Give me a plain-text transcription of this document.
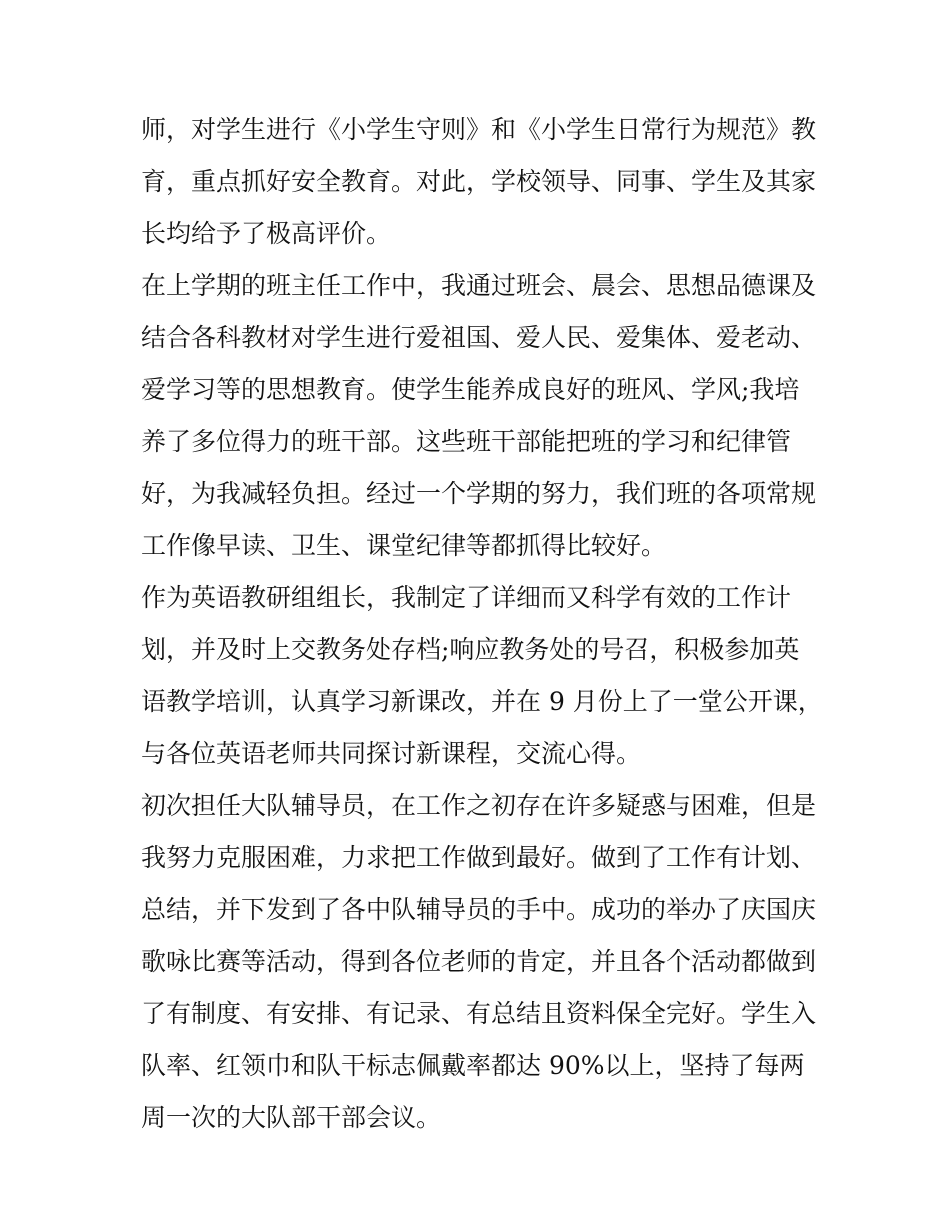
师，对学生进行《小学生守则》和《小学生日常行为规范》教
育，重点抓好安全教育。对此，学校领导、同事、学生及其家
长均给予了极高评价。
在上学期的班主任工作中，我通过班会、晨会、思想品德课及
结合各科教材对学生进行爱祖国、爱人民、爱集体、爱老动、
爱学习等的思想教育。使学生能养成良好的班风、学风;我培
养了多位得力的班干部。这些班干部能把班的学习和纪律管
好，为我减轻负担。经过一个学期的努力，我们班的各项常规
工作像早读、卫生、课堂纪律等都抓得比较好。
作为英语教研组组长，我制定了详细而又科学有效的工作计
划，并及时上交教务处存档;响应教务处的号召，积极参加英
语教学培训，认真学习新课改，并在 9 月份上了一堂公开课，
与各位英语老师共同探讨新课程，交流心得。
初次担任大队辅导员，在工作之初存在许多疑惑与困难，但是
我努力克服困难，力求把工作做到最好。做到了工作有计划、
总结，并下发到了各中队辅导员的手中。成功的举办了庆国庆
歌咏比赛等活动，得到各位老师的肯定，并且各个活动都做到
了有制度、有安排、有记录、有总结且资料保全完好。学生入
队率、红领巾和队干标志佩戴率都达 90%以上，坚持了每两
周一次的大队部干部会议。
